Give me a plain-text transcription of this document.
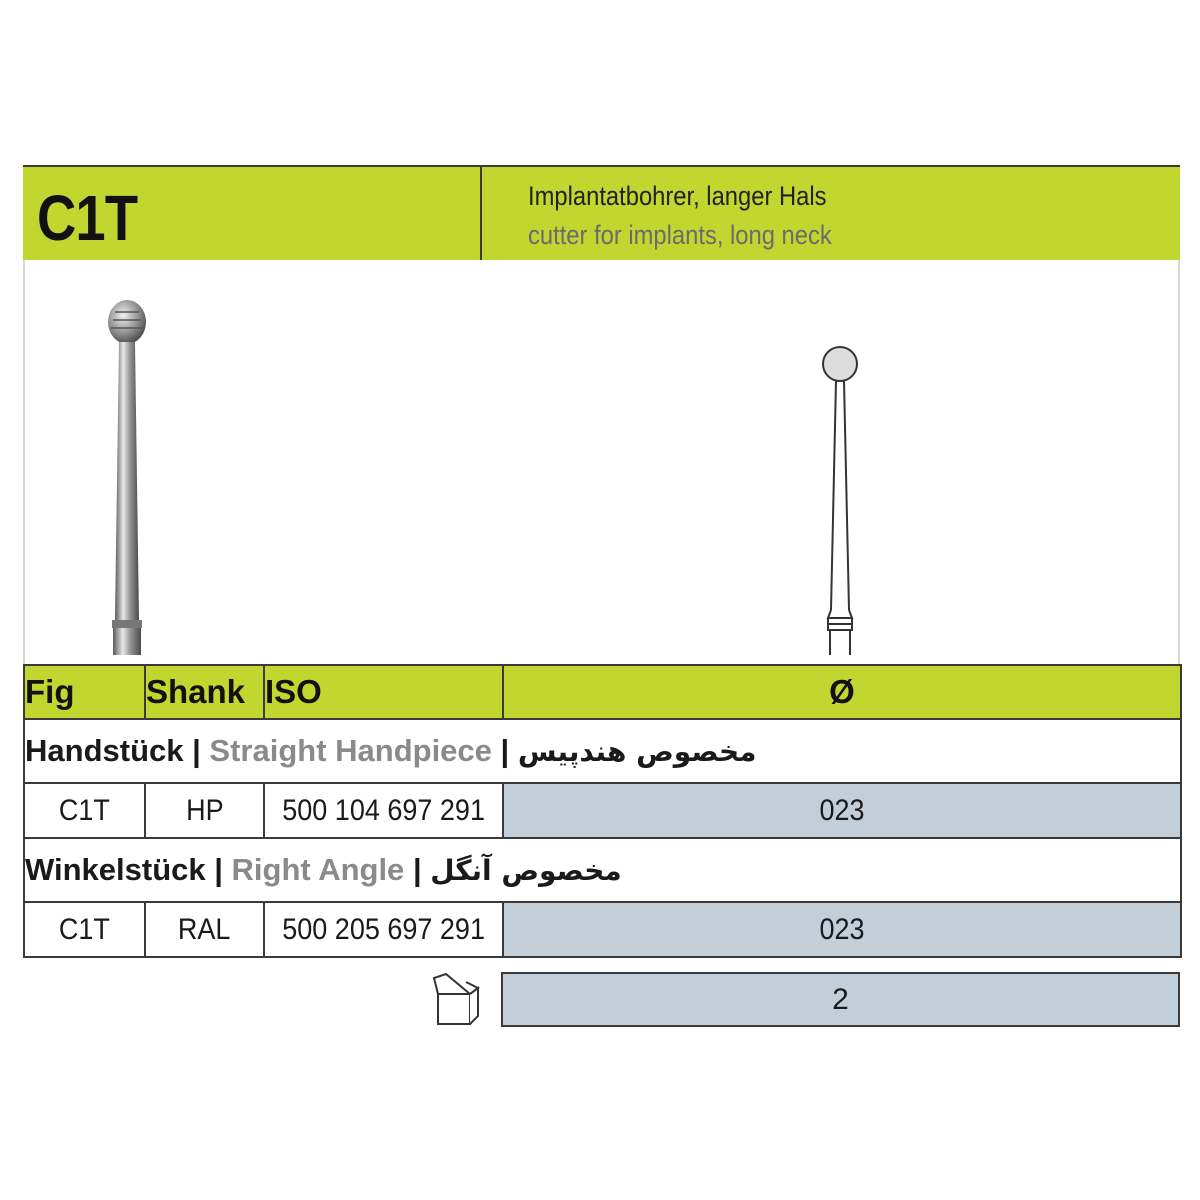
C1T	Implantatbohrer, langer Hals
cutter for implants, long neck
Fig	Shank	ISO	Ø
Handstück | Straight Handpiece | مخصوص هندپیس			
C1T	HP	500 104 697 291	023
Winkelstück | Right Angle | مخصوص آنگل			
C1T	RAL	500 205 697 291	023
2
